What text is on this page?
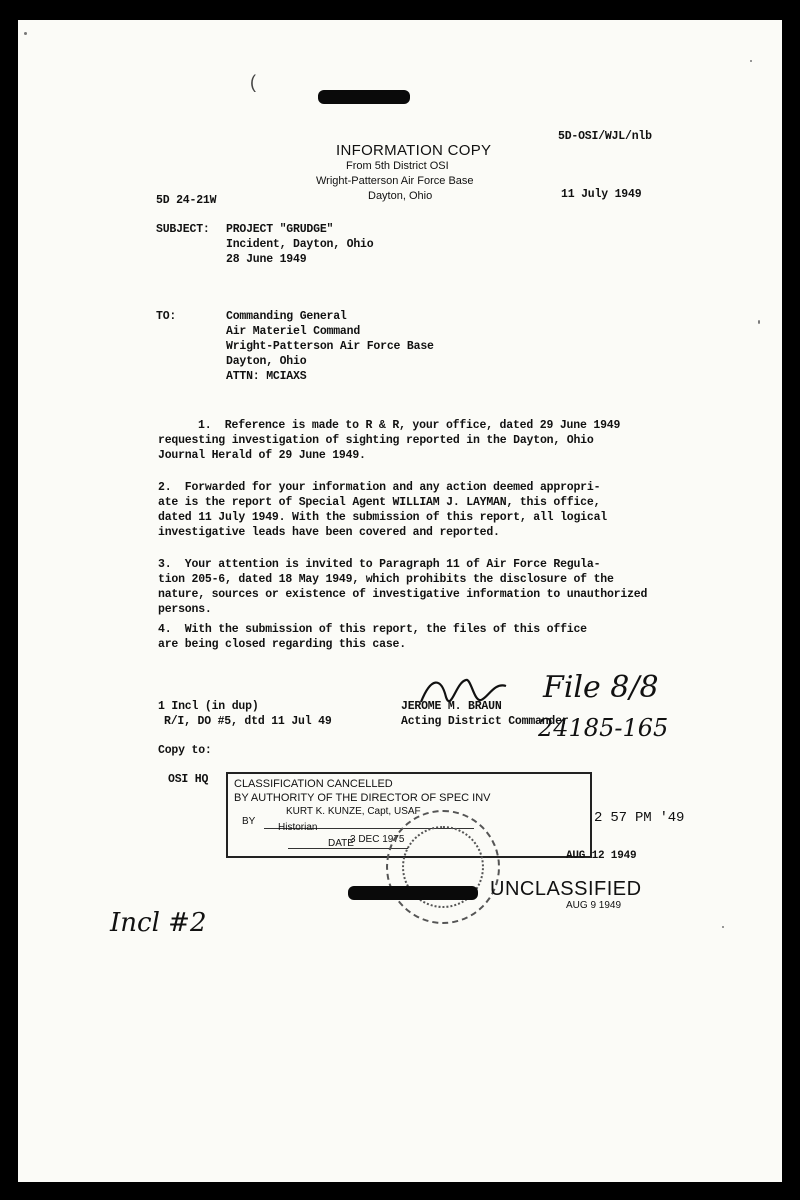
(
INFORMATION COPY
From 5th District OSI
Wright-Patterson Air Force Base
Dayton, Ohio
5D-OSI/WJL/nlb
5D 24-21W	11 July 1949
SUBJECT: PROJECT "GRUDGE"
Incident, Dayton, Ohio
28 June 1949
TO:	Commanding General
Air Materiel Command
Wright-Patterson Air Force Base
Dayton, Ohio
ATTN: MCIAXS
1.  Reference is made to R & R, your office, dated 29 June 1949
requesting investigation of sighting reported in the Dayton, Ohio
Journal Herald of 29 June 1949.
2.  Forwarded for your information and any action deemed appropri-
ate is the report of Special Agent WILLIAM J. LAYMAN, this office,
dated 11 July 1949. With the submission of this report, all logical
investigative leads have been covered and reported.
3.  Your attention is invited to Paragraph 11 of Air Force Regula-
tion 205-6, dated 18 May 1949, which prohibits the disclosure of the
nature, sources or existence of investigative information to unauthorized
persons.
4.  With the submission of this report, the files of this office
are being closed regarding this case.
1 Incl (in dup)
R/I, DO #5, dtd 11 Jul 49
Copy to:
OSI HQ
JEROME M. BRAUN
Acting District Commander
File 8/8
24185-165
CLASSIFICATION CANCELLED
BY AUTHORITY OF THE DIRECTOR OF SPEC INV
BY
KURT K. KUNZE, Capt, USAF
Historian
3 DEC 1975
DATE
2 57 PM '49
AUG 12 1949
UNCLASSIFIED
AUG 9 1949
Incl #2
